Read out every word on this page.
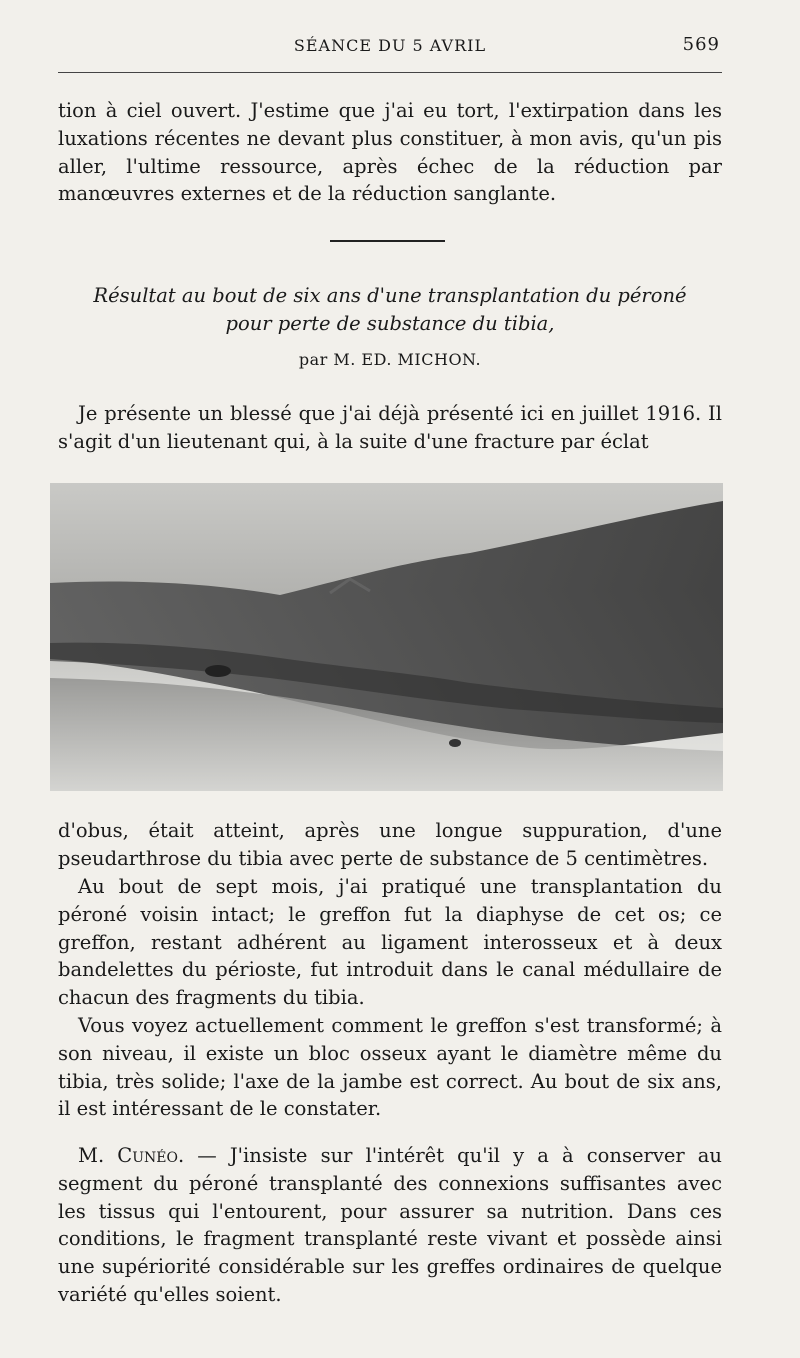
SÉANCE DU 5 AVRIL	569

tion à ciel ouvert. J'estime que j'ai eu tort, l'extirpation dans les luxations récentes ne devant plus constituer, à mon avis, qu'un pis aller, l'ultime ressource, après échec de la réduction par manœuvres externes et de la réduction sanglante.

Résultat au bout de six ans d'une transplantation du péroné
pour perte de substance du tibia,
par M. ED. MICHON.

Je présente un blessé que j'ai déjà présenté ici en juillet 1916. Il s'agit d'un lieutenant qui, à la suite d'une fracture par éclat

d'obus, était atteint, après une longue suppuration, d'une pseudarthrose du tibia avec perte de substance de 5 centimètres.

Au bout de sept mois, j'ai pratiqué une transplantation du péroné voisin intact; le greffon fut la diaphyse de cet os; ce greffon, restant adhérent au ligament interosseux et à deux bandelettes du périoste, fut introduit dans le canal médullaire de chacun des fragments du tibia.

Vous voyez actuellement comment le greffon s'est transformé; à son niveau, il existe un bloc osseux ayant le diamètre même du tibia, très solide; l'axe de la jambe est correct. Au bout de six ans, il est intéressant de le constater.

M. Cunéo. — J'insiste sur l'intérêt qu'il y a à conserver au segment du péroné transplanté des connexions suffisantes avec les tissus qui l'entourent, pour assurer sa nutrition. Dans ces conditions, le fragment transplanté reste vivant et possède ainsi une supériorité considérable sur les greffes ordinaires de quelque variété qu'elles soient.
